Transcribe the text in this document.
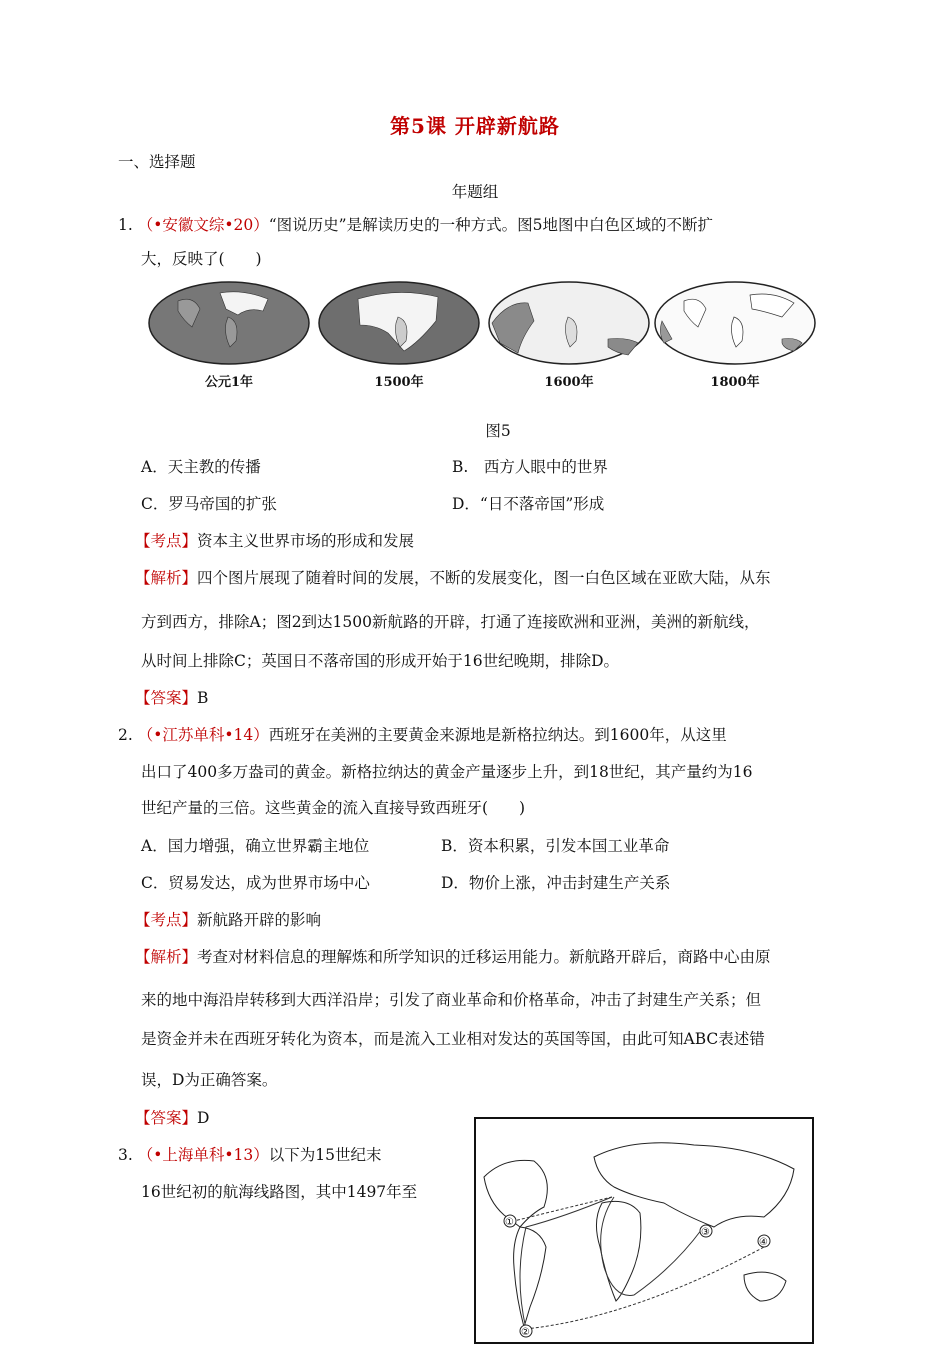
第5课 开辟新航路
一、选择题
年题组
1. （•安徽文综•20）“图说历史”是解读历史的一种方式。图5地图中白色区域的不断扩
大，反映了(　　)
公元1年	1500年	1600年	1800年
图5
A．天主教的传播	B.　西方人眼中的世界
C．罗马帝国的扩张	D．“日不落帝国”形成
【考点】资本主义世界市场的形成和发展
【解析】四个图片展现了随着时间的发展，不断的发展变化，图一白色区域在亚欧大陆，从东
方到西方，排除A；图2到达1500新航路的开辟，打通了连接欧洲和亚洲，美洲的新航线，
从时间上排除C；英国日不落帝国的形成开始于16世纪晚期，排除D。
【答案】B
2. （•江苏单科•14）西班牙在美洲的主要黄金来源地是新格拉纳达。到1600年，从这里
出口了400多万盎司的黄金。新格拉纳达的黄金产量逐步上升，到18世纪，其产量约为16
世纪产量的三倍。这些黄金的流入直接导致西班牙(　　)
A．国力增强，确立世界霸主地位	B．资本积累，引发本国工业革命
C．贸易发达，成为世界市场中心	D．物价上涨，冲击封建生产关系
【考点】新航路开辟的影响
【解析】考查对材料信息的理解炼和所学知识的迁移运用能力。新航路开辟后，商路中心由原
来的地中海沿岸转移到大西洋沿岸；引发了商业革命和价格革命，冲击了封建生产关系；但
是资金并未在西班牙转化为资本，而是流入工业相对发达的英国等国，由此可知ABC表述错
误，D为正确答案。
【答案】D
3. （•上海单科•13）以下为15世纪末
16世纪初的航海线路图，其中1497年至
①
②
③
④
